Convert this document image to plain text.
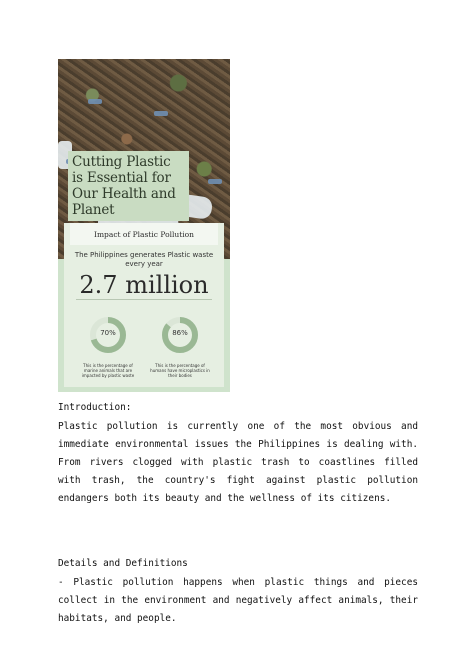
Cutting Plastic is Essential for Our Health and Planet
Impact of Plastic Pollution
The Philippines generates Plastic waste every year
2.7 million
70%
This is the percentage of marine animals that are impacted by plastic waste
86%
This is the percentage of humans have microplastics in their bodies
Introduction:
Plastic pollution is currently one of the most obvious and immediate environmental issues the Philippines is dealing with. From rivers clogged with plastic trash to coastlines filled with trash, the country's fight against plastic pollution endangers both its beauty and the wellness of its citizens.
Details and Definitions
- Plastic pollution happens when plastic things and pieces collect in the environment and negatively affect animals, their habitats, and people.
